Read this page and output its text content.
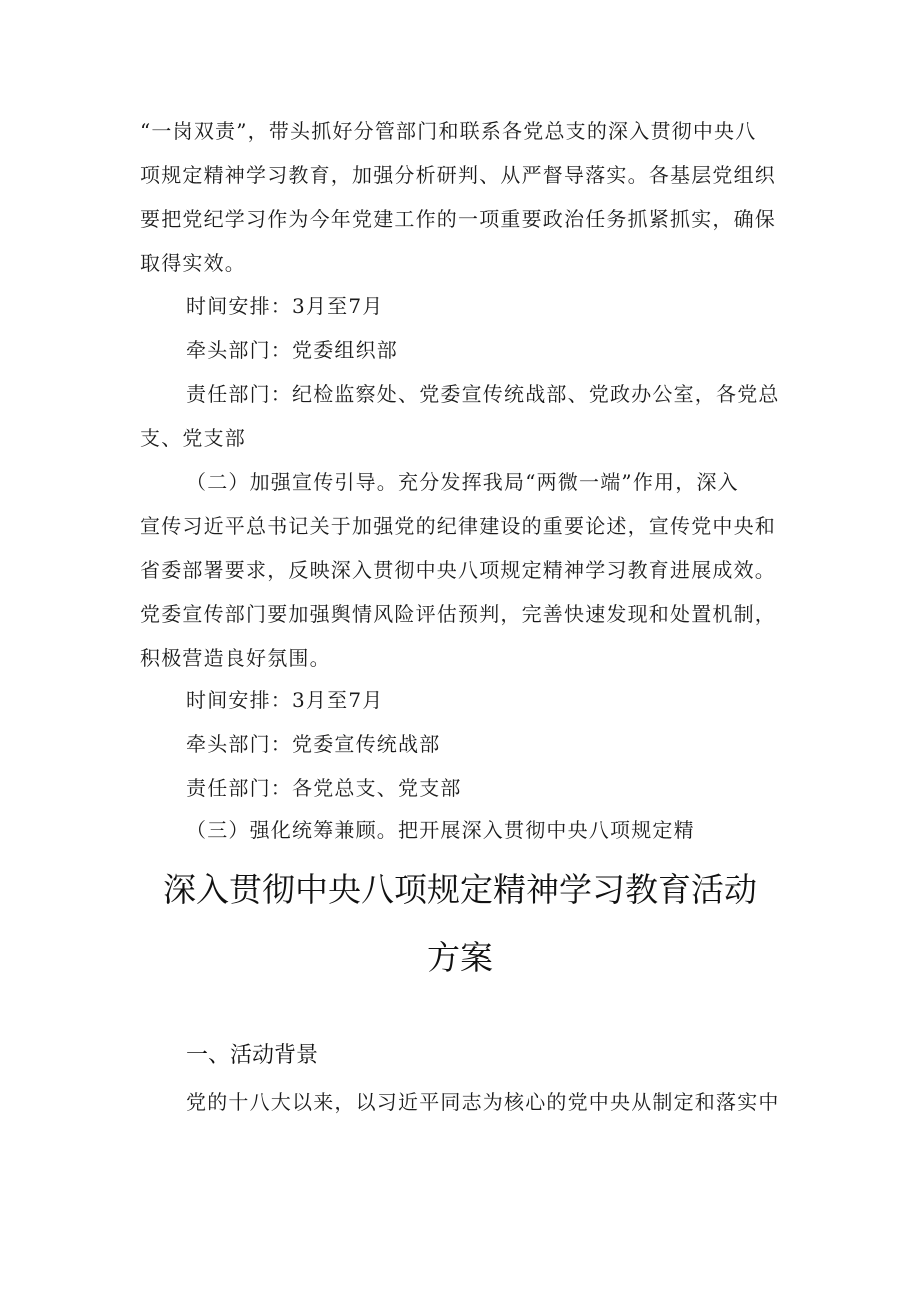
“一岗双责”，带头抓好分管部门和联系各党总支的深入贯彻中央八
项规定精神学习教育，加强分析研判、从严督导落实。各基层党组织
要把党纪学习作为今年党建工作的一项重要政治任务抓紧抓实，确保
取得实效。
时间安排：3月至7月
牵头部门：党委组织部
责任部门：纪检监察处、党委宣传统战部、党政办公室，各党总
支、党支部
（二）加强宣传引导。充分发挥我局“两微一端”作用，深入
宣传习近平总书记关于加强党的纪律建设的重要论述，宣传党中央和
省委部署要求，反映深入贯彻中央八项规定精神学习教育进展成效。
党委宣传部门要加强舆情风险评估预判，完善快速发现和处置机制，
积极营造良好氛围。
时间安排：3月至7月
牵头部门：党委宣传统战部
责任部门：各党总支、党支部
（三）强化统筹兼顾。把开展深入贯彻中央八项规定精
深入贯彻中央八项规定精神学习教育活动
方案
一、活动背景
党的十八大以来，以习近平同志为核心的党中央从制定和落实中
